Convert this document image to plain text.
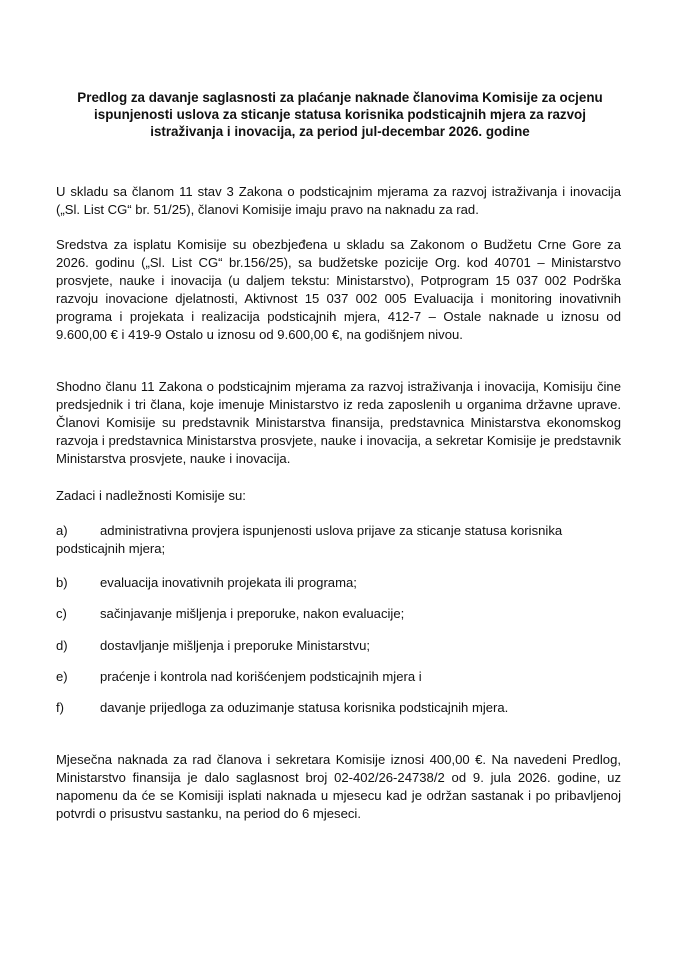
Predlog za davanje saglasnosti za plaćanje naknade članovima Komisije za ocjenu ispunjenosti uslova za sticanje statusa korisnika podsticajnih mjera za razvoj istraživanja i inovacija, za period jul-decembar 2026. godine
U skladu sa članom 11 stav 3 Zakona o podsticajnim mjerama za razvoj istraživanja i inovacija („Sl. List CG“ br. 51/25), članovi Komisije imaju pravo na naknadu za rad.
Sredstva za isplatu Komisije su obezbjeđena u skladu sa Zakonom o Budžetu Crne Gore za 2026. godinu („Sl. List CG“ br.156/25), sa budžetske pozicije Org. kod 40701 – Ministarstvo prosvjete, nauke i inovacija (u daljem tekstu: Ministarstvo), Potprogram 15 037 002 Podrška razvoju inovacione djelatnosti, Aktivnost 15 037 002 005 Evaluacija i monitoring inovativnih programa i projekata i realizacija podsticajnih mjera, 412-7 – Ostale naknade u iznosu od 9.600,00 € i 419-9 Ostalo u iznosu od 9.600,00 €, na godišnjem nivou.
Shodno članu 11 Zakona o podsticajnim mjerama za razvoj istraživanja i inovacija, Komisiju čine predsjednik i tri člana, koje imenuje Ministarstvo iz reda zaposlenih u organima državne uprave. Članovi Komisije su predstavnik Ministarstva finansija, predstavnica Ministarstva ekonomskog razvoja i predstavnica Ministarstva prosvjete, nauke i inovacija, a sekretar Komisije je predstavnik Ministarstva prosvjete, nauke i inovacija.
Zadaci i nadležnosti Komisije su:
a)	administrativna provjera ispunjenosti uslova prijave za sticanje statusa korisnika podsticajnih mjera;
b)	evaluacija inovativnih projekata ili programa;
c)	sačinjavanje mišljenja i preporuke, nakon evaluacije;
d)	dostavljanje mišljenja i preporuke Ministarstvu;
e)	praćenje i kontrola nad korišćenjem podsticajnih mjera i
f)	davanje prijedloga za oduzimanje statusa korisnika podsticajnih mjera.
Mjesečna naknada za rad članova i sekretara Komisije iznosi 400,00 €. Na navedeni Predlog, Ministarstvo finansija je dalo saglasnost broj 02-402/26-24738/2 od 9. jula 2026. godine, uz napomenu da će se Komisiji isplati naknada u mjesecu kad je održan sastanak i po pribavljenoj potvrdi o prisustvu sastanku, na period do 6 mjeseci.
